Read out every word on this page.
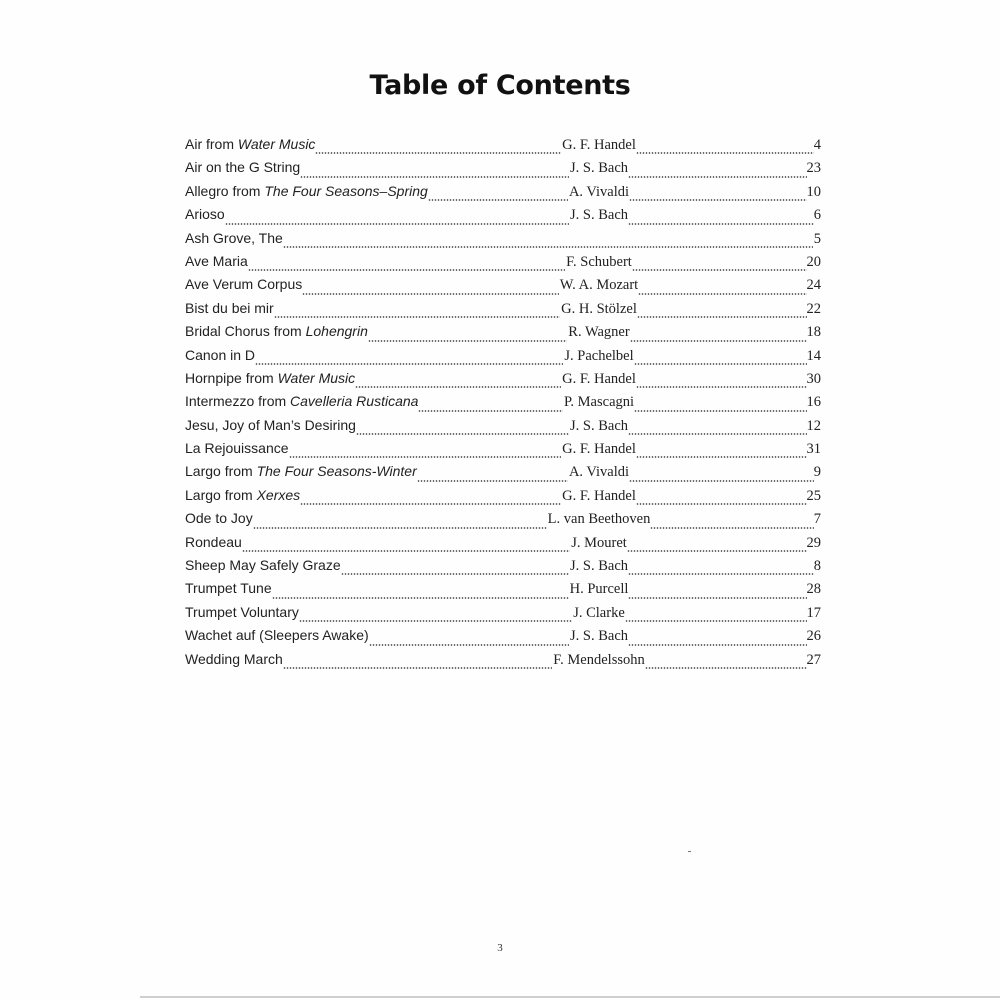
Table of Contents
Air from Water Music	G. F. Handel	4
Air on the G String	J. S. Bach	23
Allegro from The Four Seasons–Spring	A. Vivaldi	10
Arioso	J. S. Bach	6
Ash Grove, The	5
Ave Maria	F. Schubert	20
Ave Verum Corpus	W. A. Mozart	24
Bist du bei mir	G. H. Stölzel	22
Bridal Chorus from Lohengrin	R. Wagner	18
Canon in D	J. Pachelbel	14
Hornpipe from Water Music	G. F. Handel	30
Intermezzo from Cavelleria Rusticana	P. Mascagni	16
Jesu, Joy of Man’s Desiring	J. S. Bach	12
La Rejouissance	G. F. Handel	31
Largo from The Four Seasons-Winter	A. Vivaldi	9
Largo from Xerxes	G. F. Handel	25
Ode to Joy	L. van Beethoven	7
Rondeau	J. Mouret	29
Sheep May Safely Graze	J. S. Bach	8
Trumpet Tune	H. Purcell	28
Trumpet Voluntary	J. Clarke	17
Wachet auf (Sleepers Awake)	J. S. Bach	26
Wedding March	F. Mendelssohn	27
3
